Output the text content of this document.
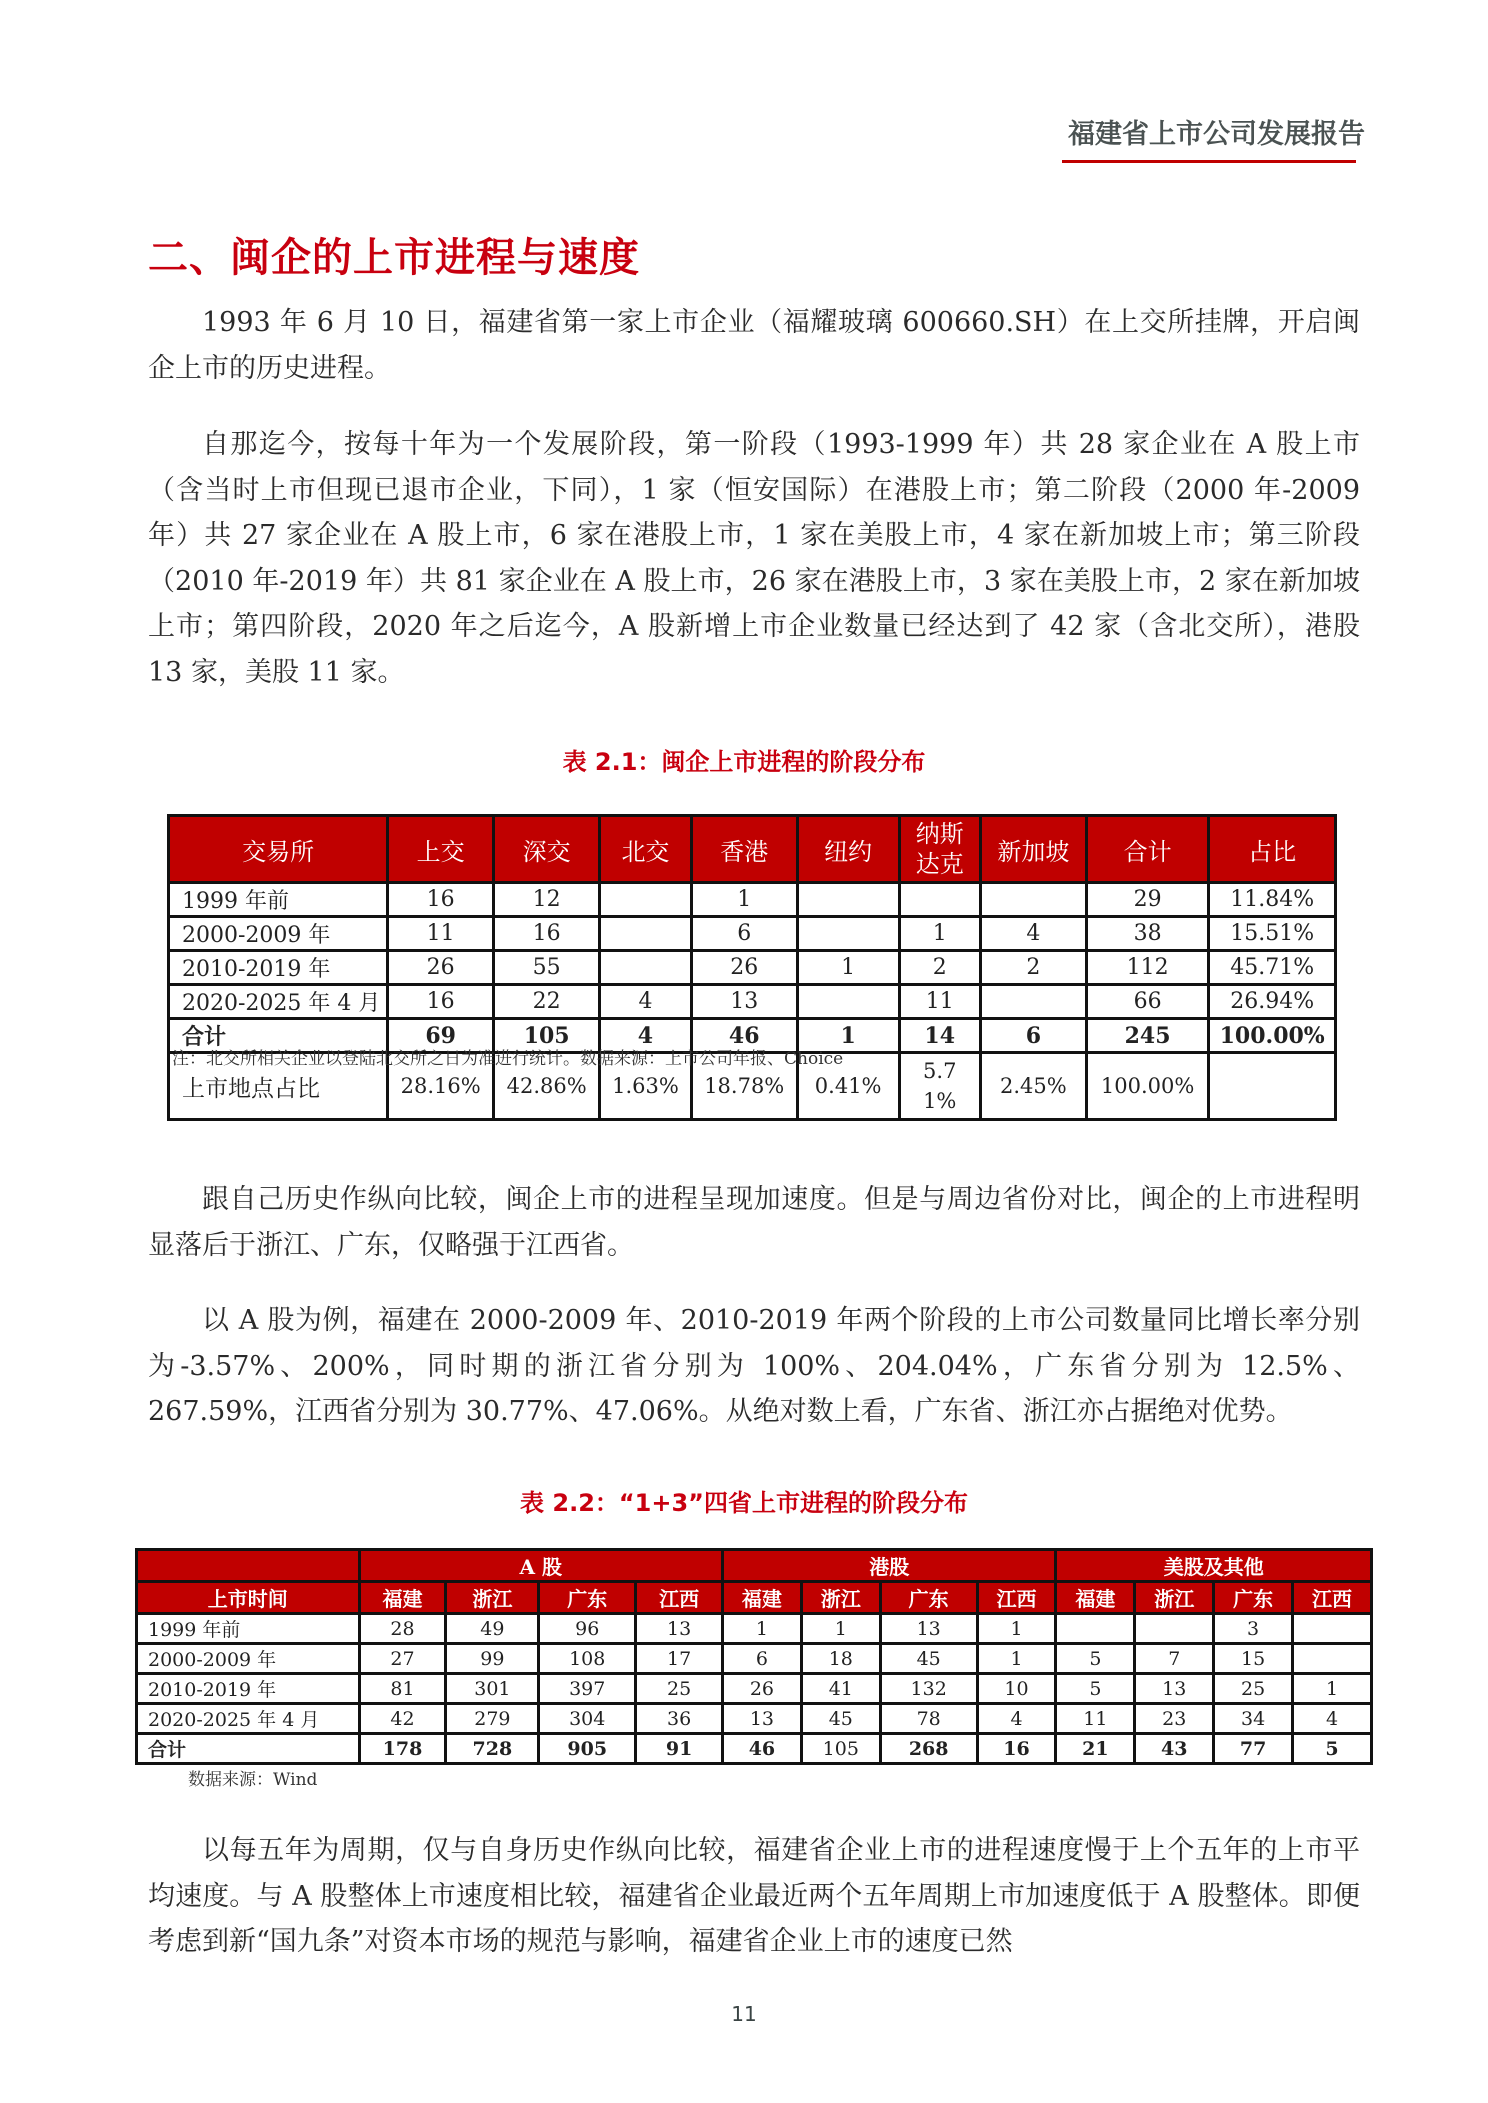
福建省上市公司发展报告
二、闽企的上市进程与速度

1993 年 6 月 10 日，福建省第一家上市企业（福耀玻璃 600660.SH）在上交所挂牌，开启闽企上市的历史进程。

自那迄今，按每十年为一个发展阶段，第一阶段（1993-1999 年）共 28 家企业在 A 股上市（含当时上市但现已退市企业，下同），1 家（恒安国际）在港股上市；第二阶段（2000 年-2009 年）共 27 家企业在 A 股上市，6 家在港股上市，1 家在美股上市，4 家在新加坡上市；第三阶段（2010 年-2019 年）共 81 家企业在 A 股上市，26 家在港股上市，3 家在美股上市，2 家在新加坡上市；第四阶段，2020 年之后迄今，A 股新增上市企业数量已经达到了 42 家（含北交所），港股 13 家，美股 11 家。

表 2.1：闽企上市进程的阶段分布
交易所	上交	深交	北交	香港	纽约	纳斯达克	新加坡	合计	占比
1999 年前	16	12		1				29	11.84%
2000-2009 年	11	16		6		1	4	38	15.51%
2010-2019 年	26	55		26	1	2	2	112	45.71%
2020-2025 年 4 月	16	22	4	13		11		66	26.94%
合计	69	105	4	46	1	14	6	245	100.00%
上市地点占比	28.16%	42.86%	1.63%	18.78%	0.41%	5.71%	2.45%	100.00%	
注：北交所相关企业以登陆北交所之日为准进行统计。数据来源：上市公司年报、Choice

跟自己历史作纵向比较，闽企上市的进程呈现加速度。但是与周边省份对比，闽企的上市进程明显落后于浙江、广东，仅略强于江西省。

以 A 股为例，福建在 2000-2009 年、2010-2019 年两个阶段的上市公司数量同比增长率分别为-3.57%、200%，同时期的浙江省分别为 100%、204.04%，广东省分别为 12.5%、267.59%，江西省分别为 30.77%、47.06%。从绝对数上看，广东省、浙江亦占据绝对优势。

表 2.2：“1+3”四省上市进程的阶段分布
	A 股				港股				美股及其他			
上市时间	福建	浙江	广东	江西	福建	浙江	广东	江西	福建	浙江	广东	江西
1999 年前	28	49	96	13	1	1	13	1			3	
2000-2009 年	27	99	108	17	6	18	45	1	5	7	15	
2010-2019 年	81	301	397	25	26	41	132	10	5	13	25	1
2020-2025 年 4 月	42	279	304	36	13	45	78	4	11	23	34	4
合计	178	728	905	91	46	105	268	16	21	43	77	5
数据来源：Wind

以每五年为周期，仅与自身历史作纵向比较，福建省企业上市的进程速度慢于上个五年的上市平均速度。与 A 股整体上市速度相比较，福建省企业最近两个五年周期上市加速度低于 A 股整体。即便考虑到新“国九条”对资本市场的规范与影响，福建省企业上市的速度已然

11
